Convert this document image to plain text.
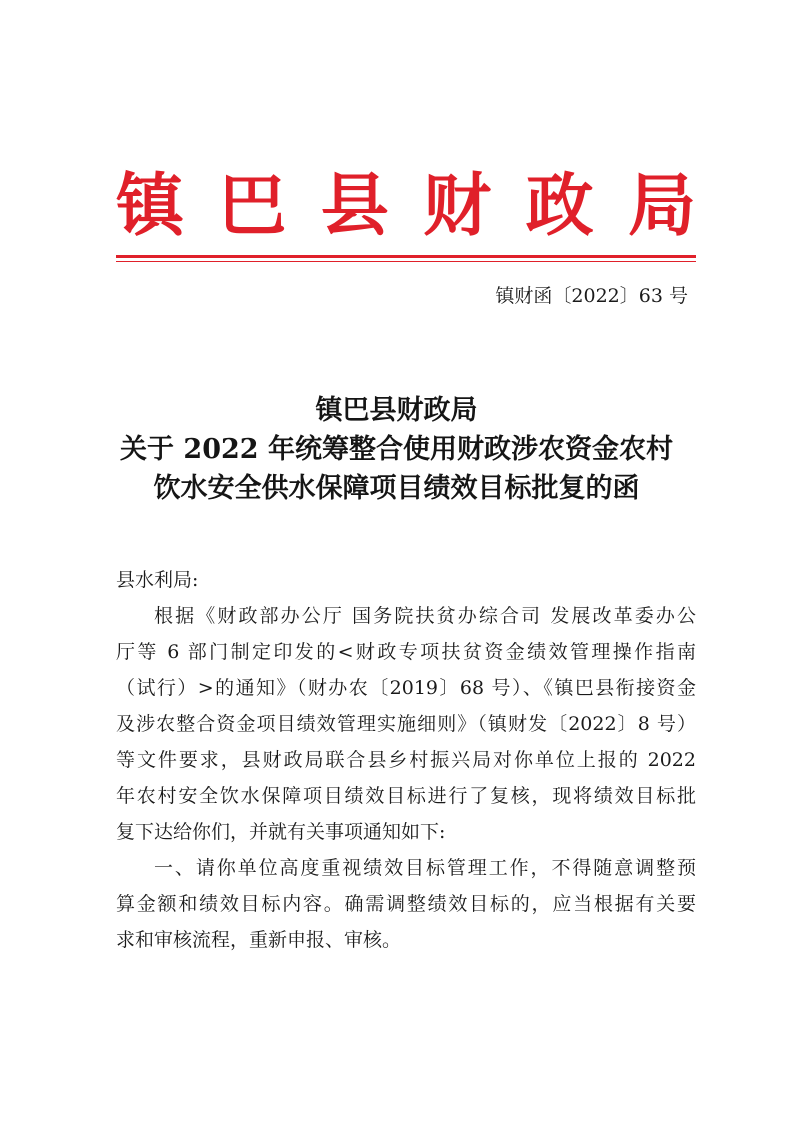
镇 巴 县 财 政 局
镇财函〔2022〕63 号
镇巴县财政局
关于 2022 年统筹整合使用财政涉农资金农村
饮水安全供水保障项目绩效目标批复的函
县水利局:
根据《财政部办公厅 国务院扶贫办综合司 发展改革委办公
厅等 6 部门制定印发的<财政专项扶贫资金绩效管理操作指南
（试行）>的通知》（财办农〔2019〕68 号）、《镇巴县衔接资金
及涉农整合资金项目绩效管理实施细则》（镇财发〔2022〕8 号）
等文件要求，县财政局联合县乡村振兴局对你单位上报的 2022
年农村安全饮水保障项目绩效目标进行了复核，现将绩效目标批
复下达给你们，并就有关事项通知如下:
一、请你单位高度重视绩效目标管理工作，不得随意调整预
算金额和绩效目标内容。确需调整绩效目标的，应当根据有关要
求和审核流程，重新申报、审核。
